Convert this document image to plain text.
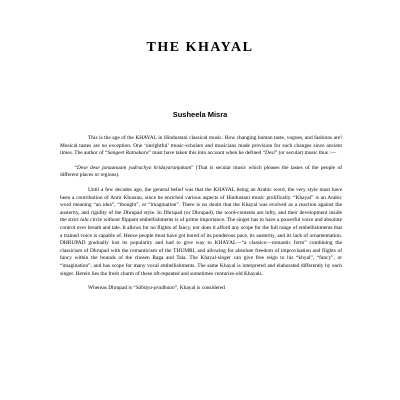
THE KHAYAL

Susheela Misra

This is the age of the KHAYAL in Hindustani classical music. How changing human taste, vogues, and fashions are! Musical tastes are no exception. One ‘unrightful’ music-scholars and musicians made provision for such changes since ancient times. The author of “Sangeet Ratnakara” must have taken this into account when he defined “Desi” (or secular) music thus :—

“Dese dese janaanaam yadruchya hridayaranjakam” (That is secular music which pleases the tastes of the people of different places or regions).

Until a few decades ago, the general belief was that the KHAYAL being an Arabic word, the very style must have been a contribution of Amir Khusrau, since he enriched various aspects of Hindustani music prolifically. “Khayal” is an Arabic word meaning “an idea”, “thought”, or “imagination”. There is no doubt that the Khayal was evolved as a reaction against the austerity, and rigidity of the Dhrupad style. In Dhrupad (or Dhrupad), the word-contents are lofty, and their development inside the strict tala circle without flippant embellishments is of prime importance. The singer has to have a powerful voice and absolute control over breath and tale. It allows for no flights of fancy, nor does it afford any scope for the full range of embellishments that a trained voice is capable of. Hence people must have got bored of its ponderous pace, its austerity, and its lack of ornamentation. DHRUPAD gradually lost its popularity and had to give way to KHAYAL—“a classico—romantic form” combining the classicism of Dhrupad with the romanticism of the THUMRI, and allowing for absolute freedom of improvisation and flights of fancy within the bounds of the chosen Raga and Tala. The Khayal-singer can give free reign to his “khyal”, “fancy”, or “imagination”, and has scope for many vocal embellishments. The same Khayal is interpreted and elaborated differently by each singer. Herein lies the fresh charm of these oft-repeated and sometimes centuries-old Khayals.

Whereas Dhrupad is “Sāhitya-pradhaan”, Khayal is considered
